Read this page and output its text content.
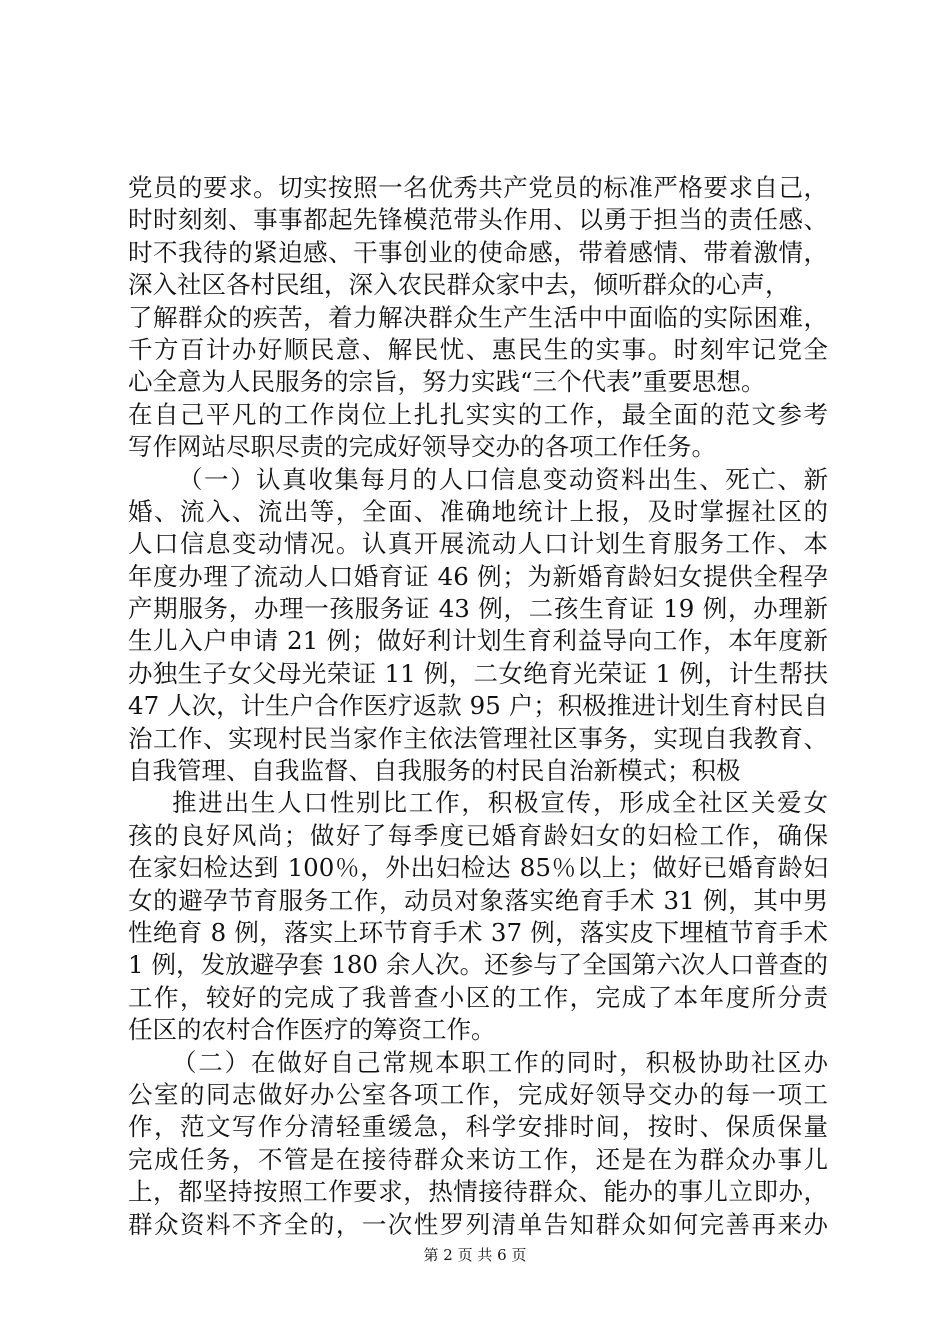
党员的要求。切实按照一名优秀共产党员的标准严格要求自己，
时时刻刻、事事都起先锋模范带头作用、以勇于担当的责任感、
时不我待的紧迫感、干事创业的使命感，带着感情、带着激情，
深入社区各村民组，深入农民群众家中去，倾听群众的心声，
了解群众的疾苦，着力解决群众生产生活中中面临的实际困难，
千方百计办好顺民意、解民忧、惠民生的实事。时刻牢记党全
心全意为人民服务的宗旨，努力实践“三个代表”重要思想。
在自己平凡的工作岗位上扎扎实实的工作，最全面的范文参考
写作网站尽职尽责的完成好领导交办的各项工作任务。
（一）认真收集每月的人口信息变动资料出生、死亡、新
婚、流入、流出等，全面、准确地统计上报，及时掌握社区的
人口信息变动情况。认真开展流动人口计划生育服务工作、本
年度办理了流动人口婚育证 46 例；为新婚育龄妇女提供全程孕
产期服务，办理一孩服务证 43 例，二孩生育证 19 例，办理新
生儿入户申请 21 例；做好利计划生育利益导向工作，本年度新
办独生子女父母光荣证 11 例，二女绝育光荣证 1 例，计生帮扶
47 人次，计生户合作医疗返款 95 户；积极推进计划生育村民自
治工作、实现村民当家作主依法管理社区事务，实现自我教育、
自我管理、自我监督、自我服务的村民自治新模式；积极
推进出生人口性别比工作，积极宣传，形成全社区关爱女
孩的良好风尚；做好了每季度已婚育龄妇女的妇检工作，确保
在家妇检达到 100％，外出妇检达 85％以上；做好已婚育龄妇
女的避孕节育服务工作，动员对象落实绝育手术 31 例，其中男
性绝育 8 例，落实上环节育手术 37 例，落实皮下埋植节育手术
1 例，发放避孕套 180 余人次。还参与了全国第六次人口普查的
工作，较好的完成了我普查小区的工作，完成了本年度所分责
任区的农村合作医疗的筹资工作。
（二）在做好自己常规本职工作的同时，积极协助社区办
公室的同志做好办公室各项工作，完成好领导交办的每一项工
作，范文写作分清轻重缓急，科学安排时间，按时、保质保量
完成任务，不管是在接待群众来访工作，还是在为群众办事儿
上，都坚持按照工作要求，热情接待群众、能办的事儿立即办，
群众资料不齐全的，一次性罗列清单告知群众如何完善再来办
第 2 页 共 6 页
